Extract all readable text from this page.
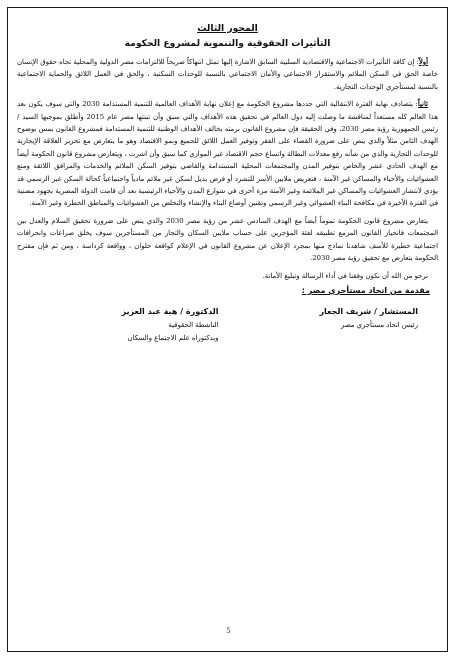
المحور الثالث
التأثيرات الحقوقية والتنموية لمشروع الحكومة

أولاً: إن كافة التأثيرات الاجتماعية والاقتصادية السلبية السابق الاشارة إليها تمثل انتهاكاً صريحاً للالتزامات مصر الدولية والمحلية تجاه حقوق الإنسان خاصة الحق في السكن الملائم والاستقرار الاجتماعي والأمان الاجتماعي بالنسبة للوحدات السكنية ، والحق في العمل اللائق والحماية الاجتماعية بالنسبة لمستأجري الوحدات التجارية.

ثانياً: يتصادف نهاية الفترة الانتقالية التي حددها مشروع الحكومة مع إعلان نهاية الأهداف العالمية للتنمية المستدامة 2030 والتي سوف يكون بعد هذا العالم كله مستعداً لمناقشة ما وصلت إليه دول العالم في تحقيق هذه الأهداف والتي سبق وأن تبنتها مصر عام 2015 وأطلق بموجبها السيد / رئيس الجمهورية رؤية مصر 2030، وفي الحقيقة فإن مشروع القانون برمته يخالف الأهداف الوطنية للتنمية المستدامة فمشروع القانون يمس بوضوح الهدف الثامن مثلاً والذي ينص على ضرورة القضاء على الفقر وتوفير العمل اللائق للجميع ونمو الاقتصاد وهو ما يتعارض مع تحرير العلاقة الإيجارية للوحدات التجارية والذي من شأنه رفع معدلات البطالة واتساع حجم الاقتصاد غير الموازي كما سبق وأن اشرت ، ويتعارض مشروع قانون الحكومة أيضاً مع الهدف الحادي عشر والخاص بتوفير المدن والمجتمعات المحلية المستدامة والقاضي بتوفير السكن الملائم والخدمات والمرافق اللائقة ومنع العشوائيات والأحياء والمساكن غير الآمنة ، فتعريض ملايين الأسر للتشرد أو فرص بديل لسكن غير ملائم مادياً واجتماعياً كحالة السكن غير الرسمي قد يؤدي لانتشار العشوائيات والمساكن غير الملائمة وغير الآمنة مرة أخرى في شوارع المدن والأحياء الرئيسية بعد أن قامت الدولة المصرية بجهود مضنية في الفترة الأخيرة في مكافحة البناء العشوائي وغير الرسمي وتقنين أوضاع البناء والإنشاء والتخلص من العشوائيات والمناطق الخطرة وغير الآمنة.

يتعارض مشروع قانون الحكومة تموماً أيضاً مع الهدف السادس عشر من رؤية مصر 2030 والذي ينص على ضرورة تحقيق السلام والعدل بين المجتمعات فانحياز القانون المزمع تطبيقه لفئة المؤجرين على حساب ملايين السكان والتجار من المستأجرين سوف يخلق صراعات وانحرافات اجتماعية خطيرة للأسف شاهدنا نماذج منها بمجرد الإعلان عن مشروع القانون في الإعلام كواقعة حلوان ، وواقعة كرداسة ، ومن ثم فإن مقترح الحكومة يتعارض مع تحقيق رؤية مصر 2030.

نرجو من الله أن نكون وفقنا في أداء الرسالة وتبليغ الأمانة.

مقدمة من اتحاد مستأجري مصر :
المستشار / شريف الجعار
رئيس اتحاد مستأجري مصر
الدكتورة / هبة عبد العزيز
الناشطة الحقوقية
وبدكتوراه علم الاجتماع والسكان
5
